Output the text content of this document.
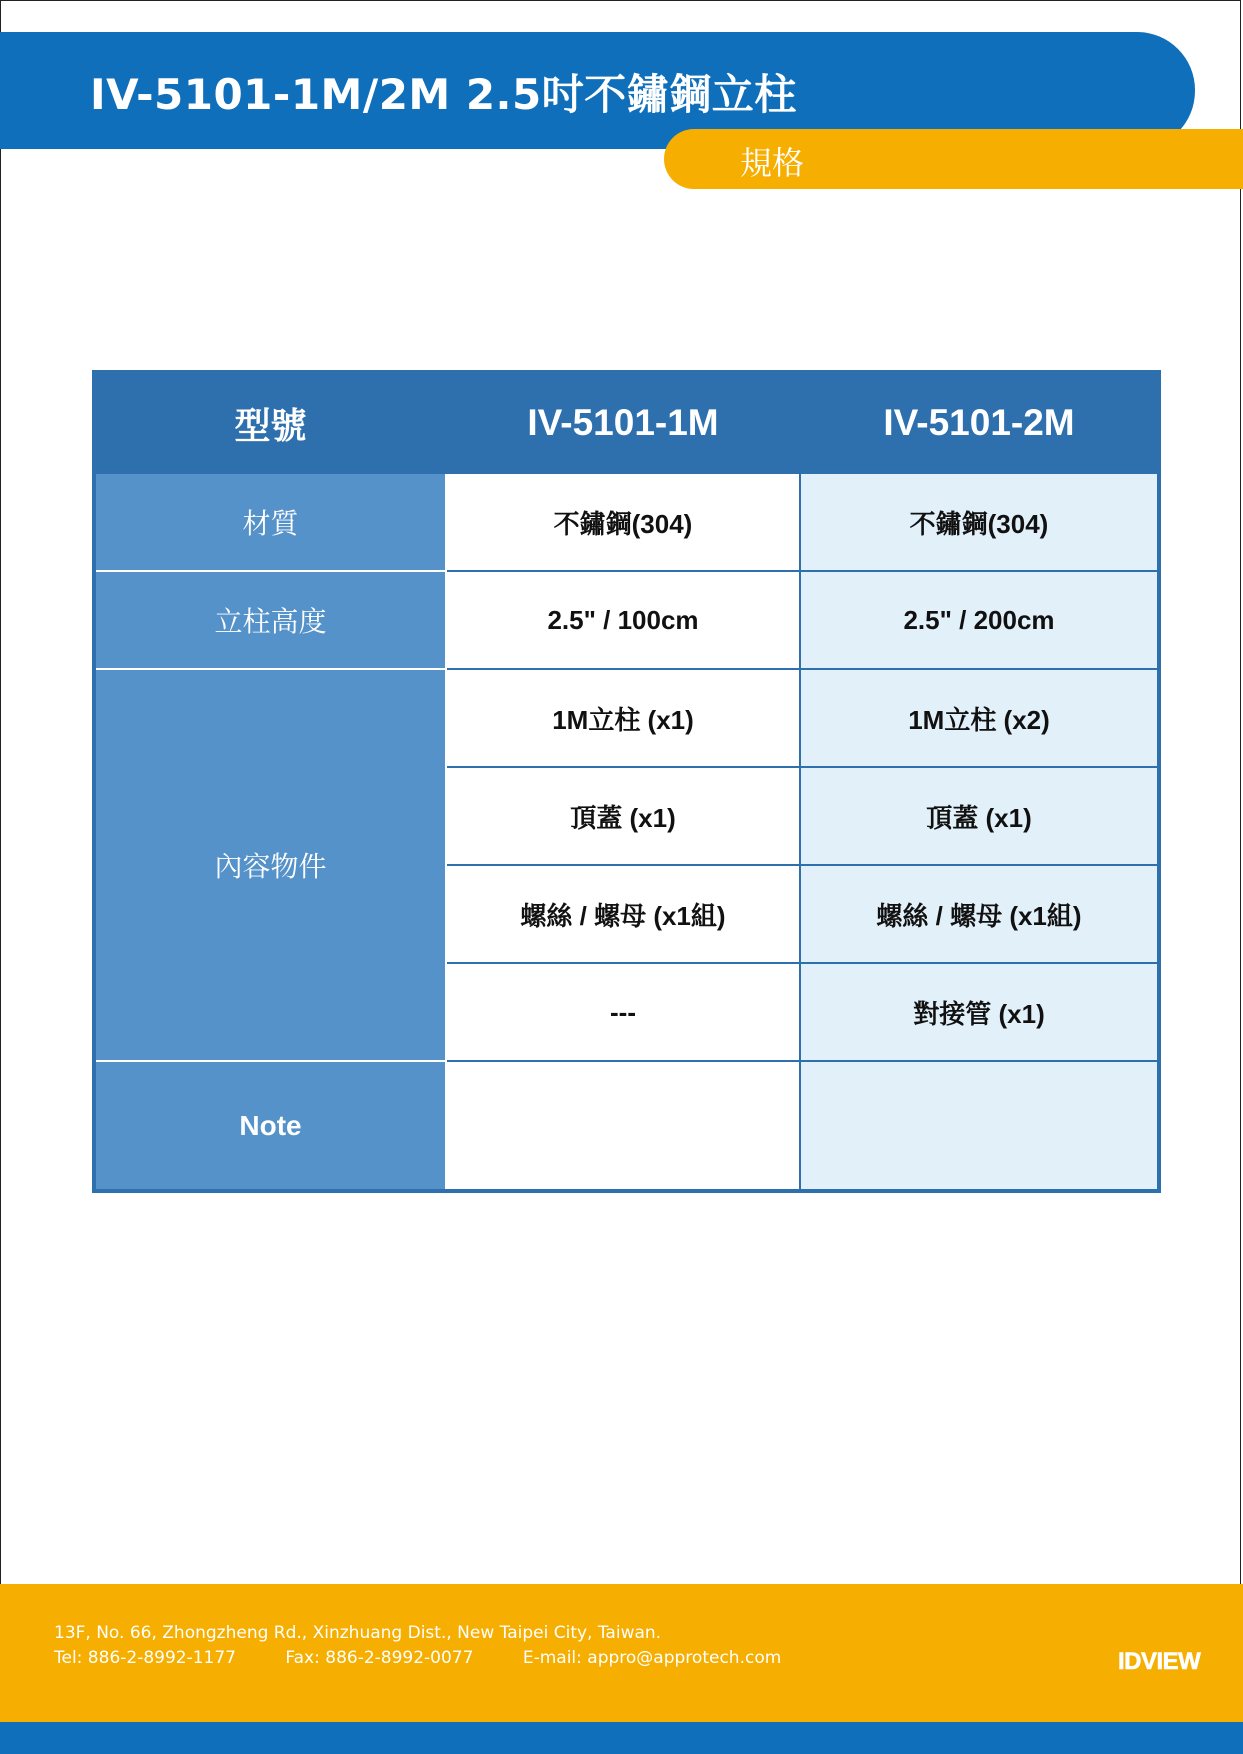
IV-5101-1M/2M 2.5吋不鏽鋼立柱
規格
型號	IV-5101-1M	IV-5101-2M
材質	不鏽鋼(304)	不鏽鋼(304)
立柱高度	2.5" / 100cm	2.5" / 200cm
內容物件	1M立柱 (x1)	1M立柱 (x2)
	頂蓋 (x1)	頂蓋 (x1)
	螺絲 / 螺母 (x1組)	螺絲 / 螺母 (x1組)
	---	對接管 (x1)
Note		
13F, No. 66, Zhongzheng Rd., Xinzhuang Dist., New Taipei City, Taiwan.
Tel: 886-2-8992-1177	Fax: 886-2-8992-0077	E-mail: appro@approtech.com	IDVIEW
